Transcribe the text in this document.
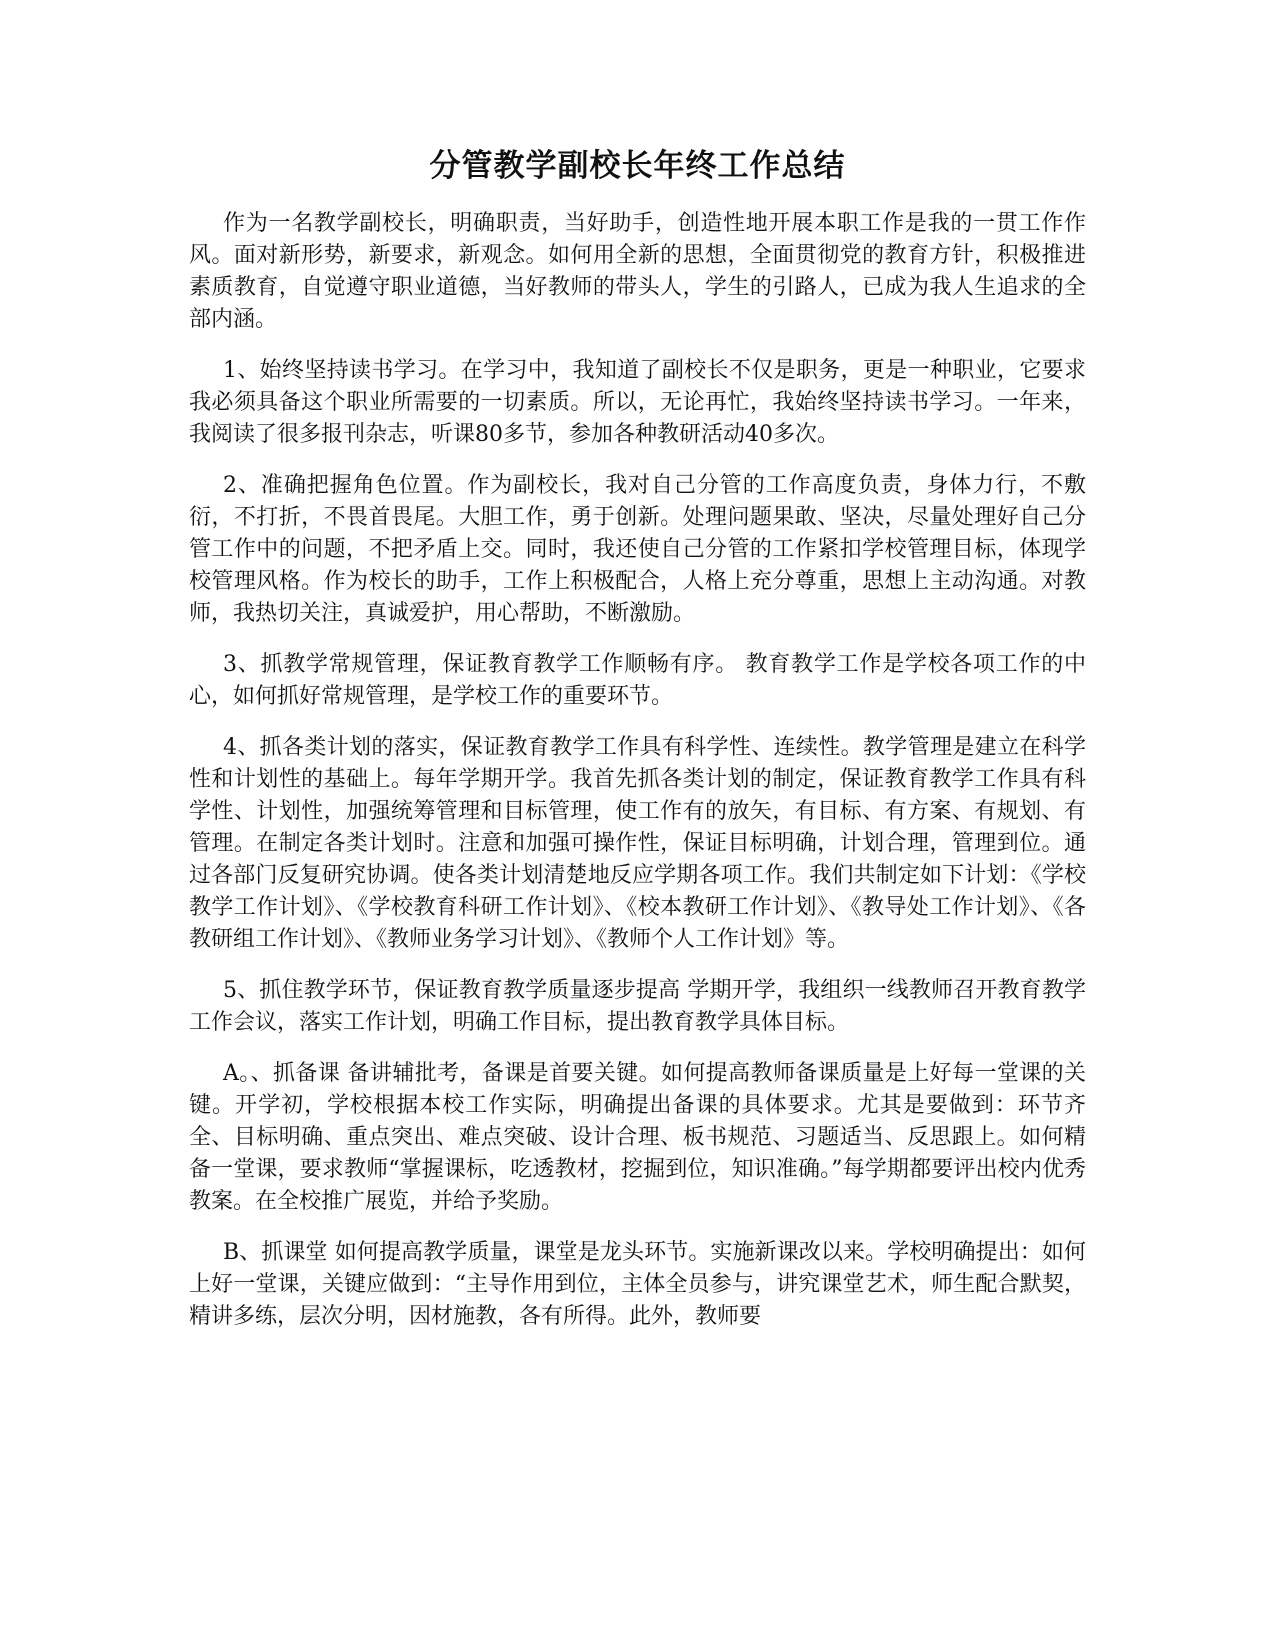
分管教学副校长年终工作总结

作为一名教学副校长，明确职责，当好助手，创造性地开展本职工作是我的一贯工作作风。面对新形势，新要求，新观念。如何用全新的思想，全面贯彻党的教育方针，积极推进素质教育，自觉遵守职业道德，当好教师的带头人，学生的引路人，已成为我人生追求的全部内涵。

1、始终坚持读书学习。在学习中，我知道了副校长不仅是职务，更是一种职业，它要求我必须具备这个职业所需要的一切素质。所以，无论再忙，我始终坚持读书学习。一年来，我阅读了很多报刊杂志，听课80多节，参加各种教研活动40多次。

2、准确把握角色位置。作为副校长，我对自己分管的工作高度负责，身体力行，不敷衍，不打折，不畏首畏尾。大胆工作，勇于创新。处理问题果敢、坚决，尽量处理好自己分管工作中的问题，不把矛盾上交。同时，我还使自己分管的工作紧扣学校管理目标，体现学校管理风格。作为校长的助手，工作上积极配合，人格上充分尊重，思想上主动沟通。对教师，我热切关注，真诚爱护，用心帮助，不断激励。

3、抓教学常规管理，保证教育教学工作顺畅有序。 教育教学工作是学校各项工作的中心，如何抓好常规管理，是学校工作的重要环节。

4、抓各类计划的落实，保证教育教学工作具有科学性、连续性。教学管理是建立在科学性和计划性的基础上。每年学期开学。我首先抓各类计划的制定，保证教育教学工作具有科学性、计划性，加强统筹管理和目标管理，使工作有的放矢，有目标、有方案、有规划、有管理。在制定各类计划时。注意和加强可操作性，保证目标明确，计划合理，管理到位。通过各部门反复研究协调。使各类计划清楚地反应学期各项工作。我们共制定如下计划：《学校教学工作计划》、《学校教育科研工作计划》、《校本教研工作计划》、《教导处工作计划》、《各教研组工作计划》、《教师业务学习计划》、《教师个人工作计划》等。

5、抓住教学环节，保证教育教学质量逐步提高 学期开学，我组织一线教师召开教育教学工作会议，落实工作计划，明确工作目标，提出教育教学具体目标。

A。、抓备课 备讲辅批考，备课是首要关键。如何提高教师备课质量是上好每一堂课的关键。开学初，学校根据本校工作实际，明确提出备课的具体要求。尤其是要做到：环节齐全、目标明确、重点突出、难点突破、设计合理、板书规范、习题适当、反思跟上。如何精备一堂课，要求教师“掌握课标，吃透教材，挖掘到位，知识准确。”每学期都要评出校内优秀教案。在全校推广展览，并给予奖励。

B、抓课堂 如何提高教学质量，课堂是龙头环节。实施新课改以来。学校明确提出：如何上好一堂课，关键应做到：“主导作用到位，主体全员参与，讲究课堂艺术，师生配合默契，精讲多练，层次分明，因材施教，各有所得。此外，教师要
